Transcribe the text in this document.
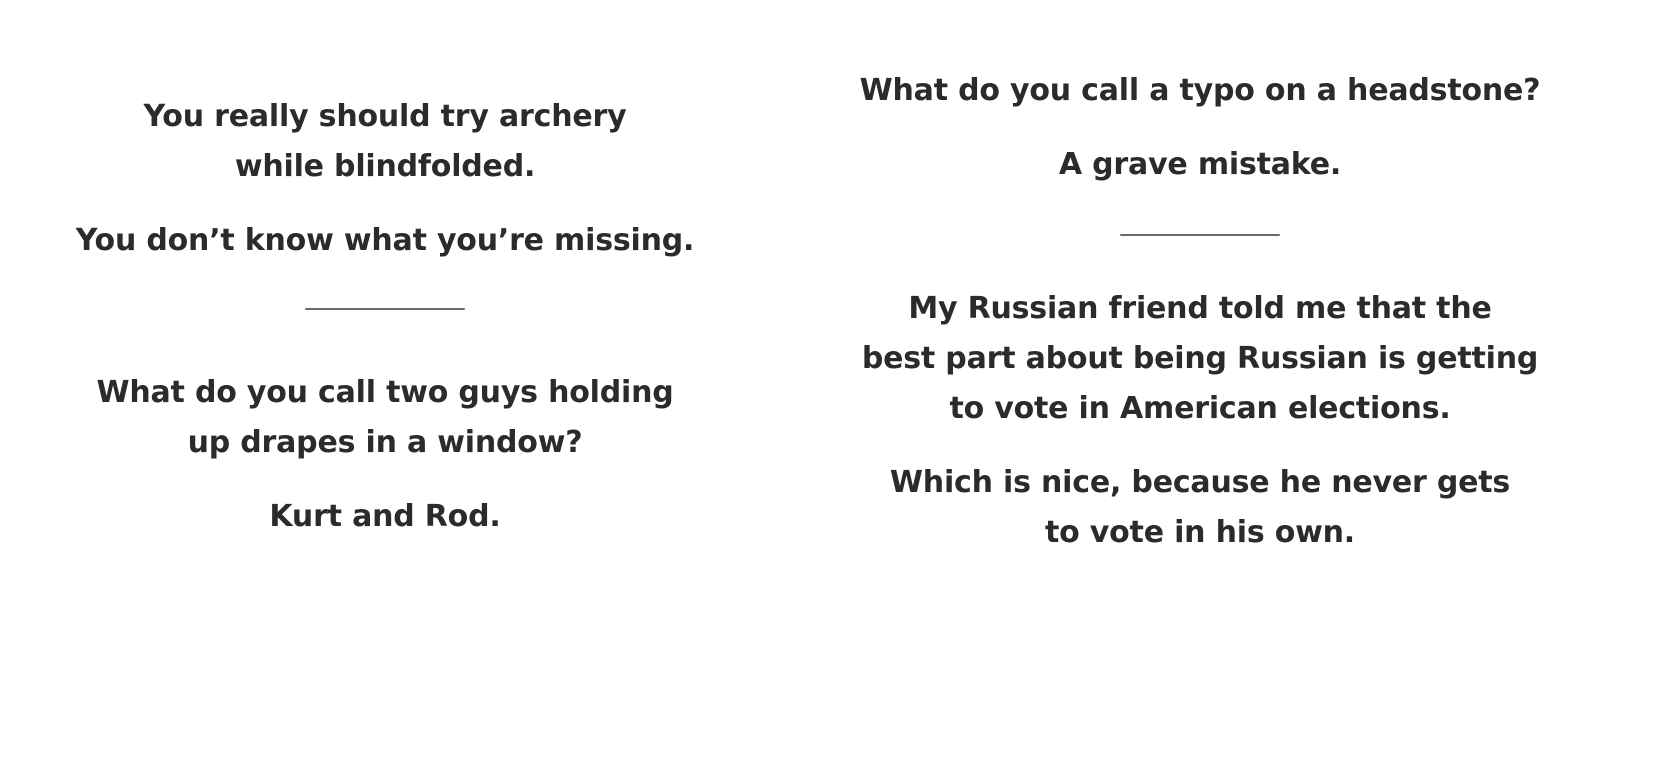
You really should try archery
while blindfolded.
You don’t know what you’re missing.
What do you call two guys holding
up drapes in a window?
Kurt and Rod.
What do you call a typo on a headstone?
A grave mistake.
My Russian friend told me that the
best part about being Russian is getting
to vote in American elections.
Which is nice, because he never gets
to vote in his own.
